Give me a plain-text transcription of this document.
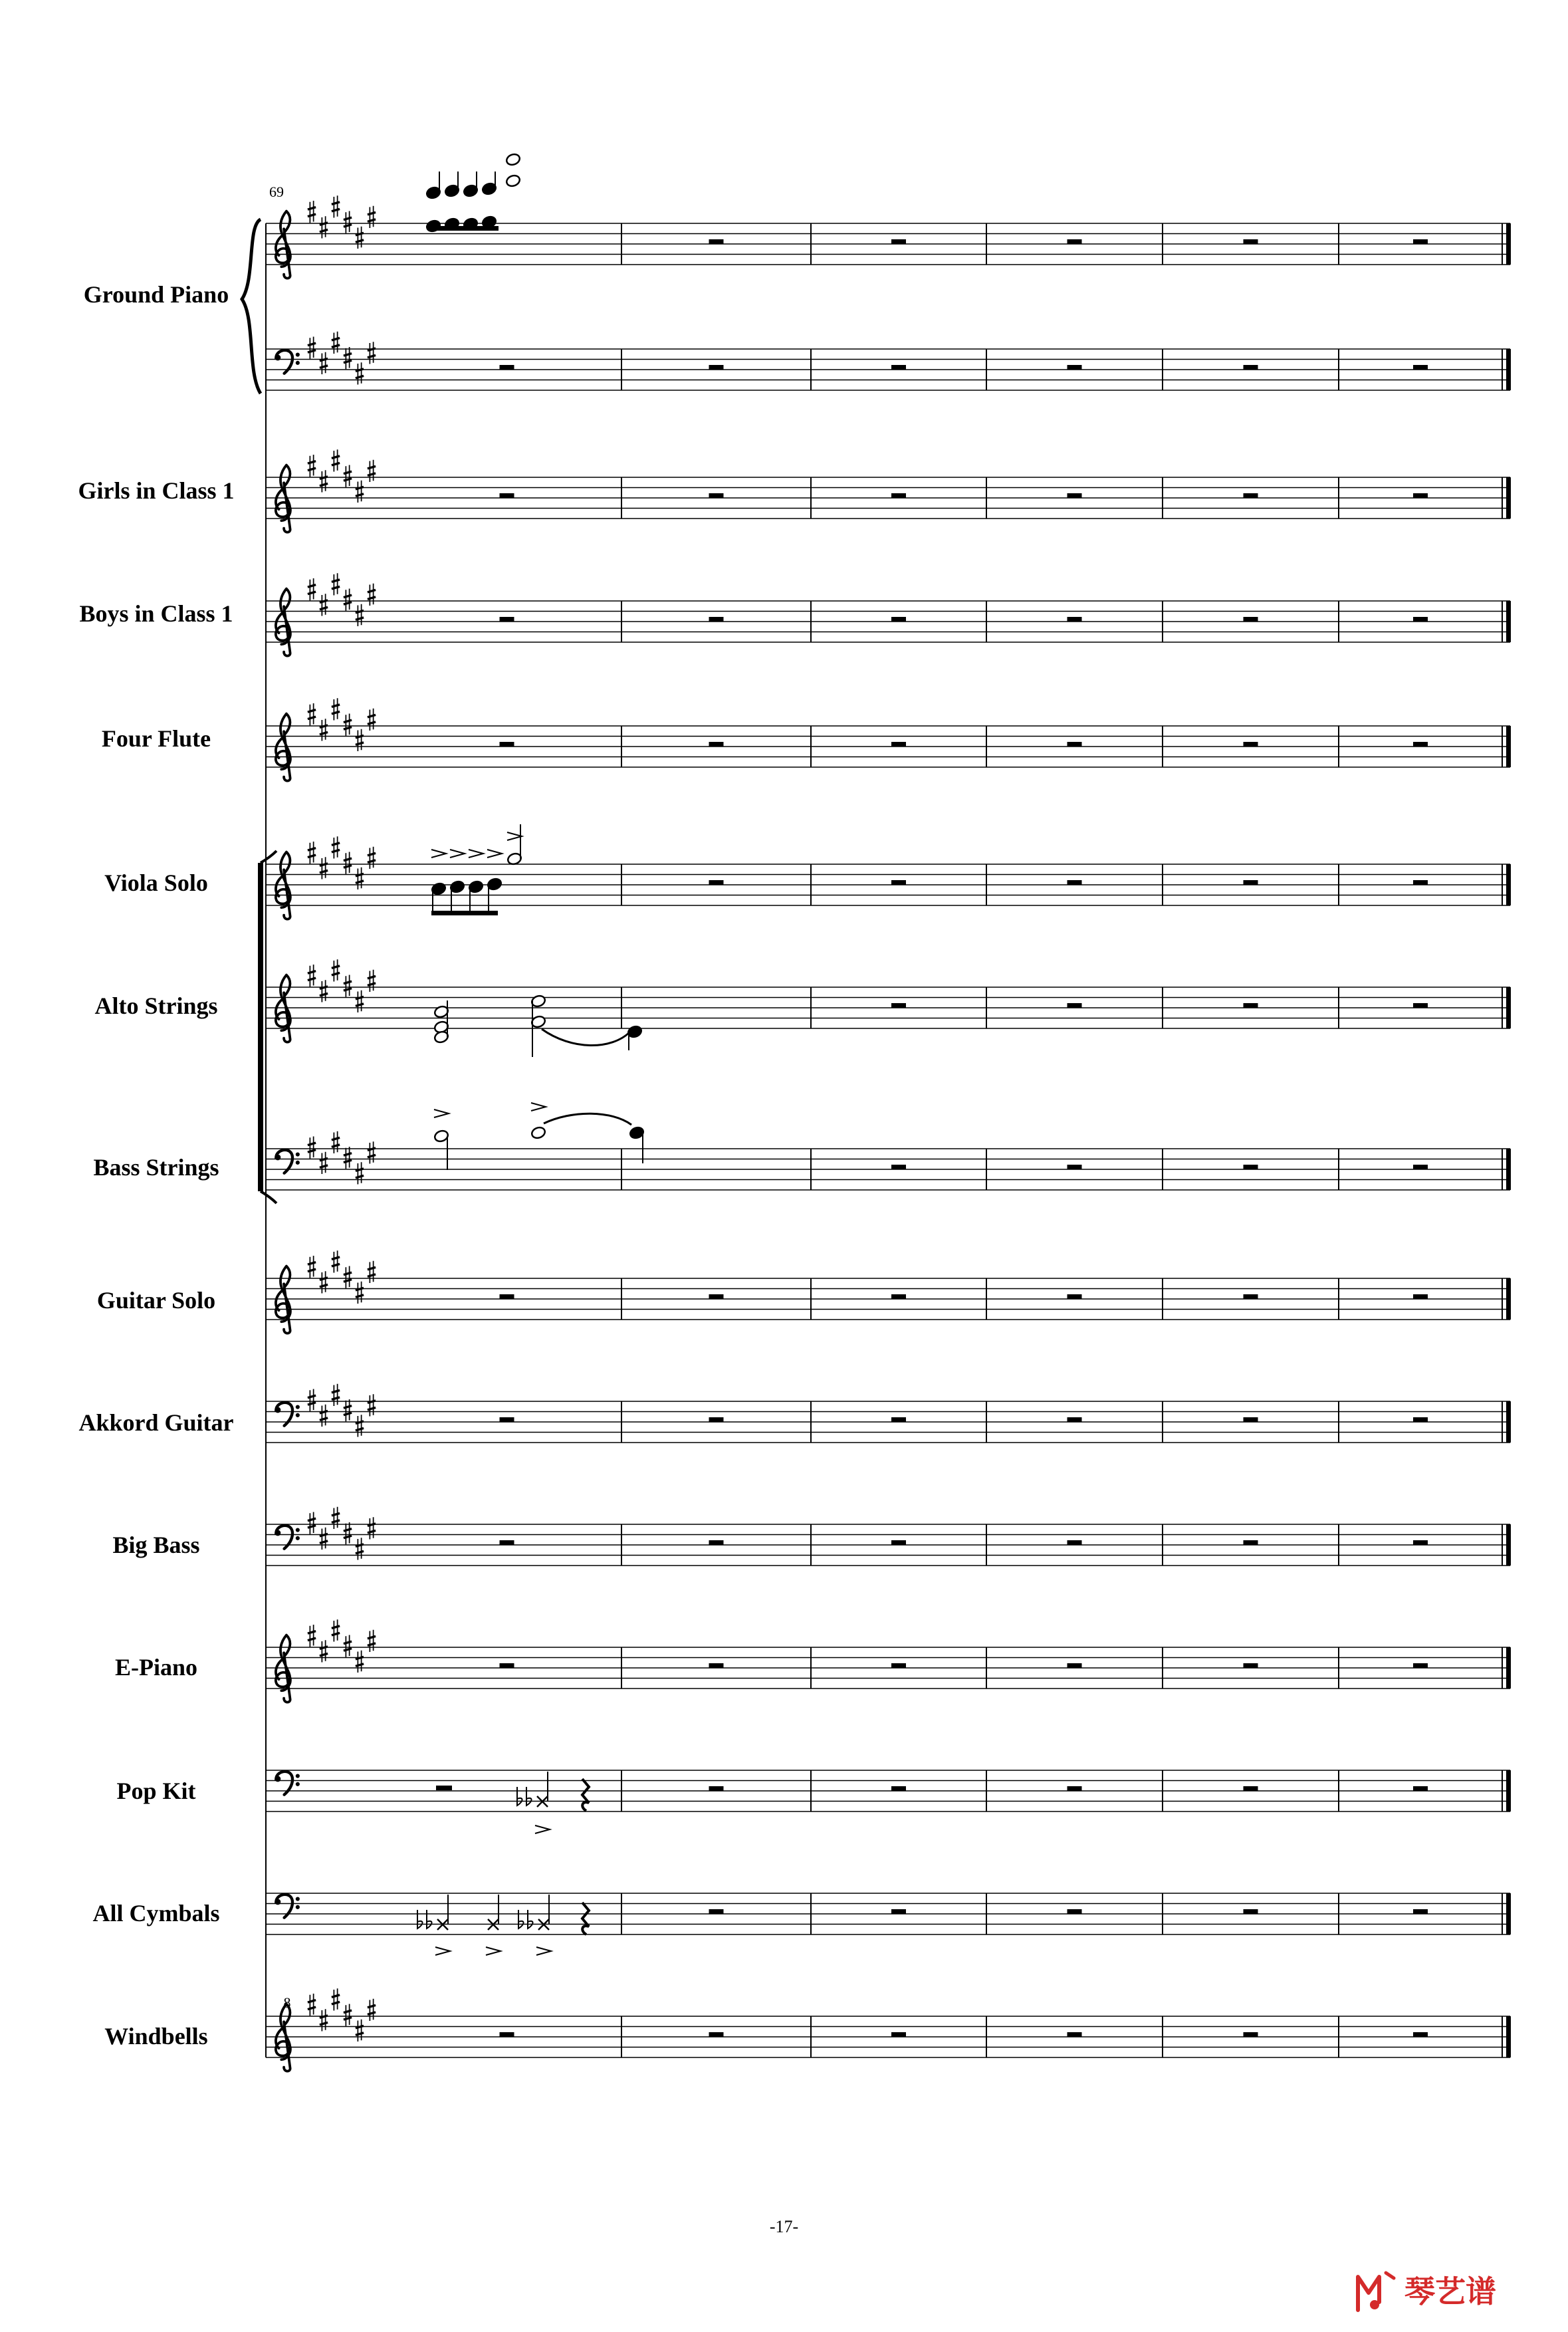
Ground Piano
Girls in Class 1
Boys in Class 1
Four Flute
Viola Solo
Alto Strings
Bass Strings
Guitar Solo
Akkord Guitar
Big Bass
E-Piano
Pop Kit
All Cymbals
Windbells
69
8
-17-
琴艺谱
